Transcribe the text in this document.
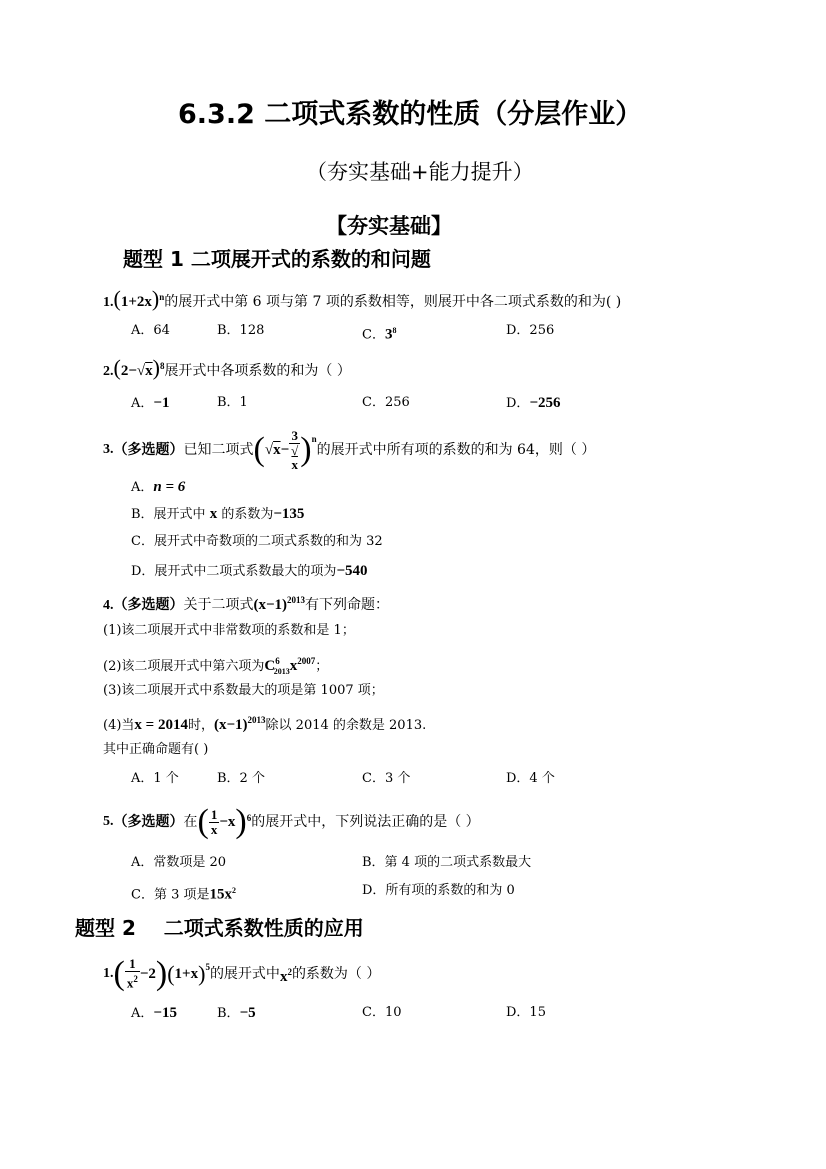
6.3.2 二项式系数的性质（分层作业）
（夯实基础+能力提升）
【夯实基础】
题型 1 二项展开式的系数的和问题
$1.(1+2x)^n$的展开式中第 6 项与第 7 项的系数相等，则展开中各二项式系数的和为( )
A．64	B．128	C．$3^8$	D．256
$2.(2-√x)^8$展开式中各项系数的和为（ ）
A．−1	B．1	C．256	D．−256
3. （多选题） 已知二项式 ( √ x − 3
√
x )$^n$
的展开式中所有项的系数的和为 64，则（ ）
A．n = 6
B．展开式中 x 的系数为−135
C．展开式中奇数项的二项式系数的和为 32
D．展开式中二项式系数最大的项为−540
4.（多选题）关于二项式$(x-1)^{2013}$有下列命题：
(1)该二项展开式中非常数项的系数和是 1；
(2)该二项展开式中第六项为$C^6_{2013}x^{2007}$；
(3)该二项展开式中系数最大的项是第 1007 项；
(4)当x = 2014时，$(x-1)^{2013}$除以 2014 的余数是 2013.
其中正确命题有( )
A．1 个	B．2 个	C．3 个	D．4 个
5. （多选题） 在 ( $\frac{1}{x} -x$ )$^6$ 的展开式中，下列说法正确的是（ ）
A．常数项是 20	B．第 4 项的二项式系数最大
C．第 3 项是$15x^2$	D．所有项的系数的和为 0
题型 2    二项式系数性质的应用
1. ( $\frac{1}{x^2} -2$ ) ( 1+x )$^5$ 的展开式中 $x^2$ 的系数为（ ）
A．−15	B．−5	C．10	D．15
